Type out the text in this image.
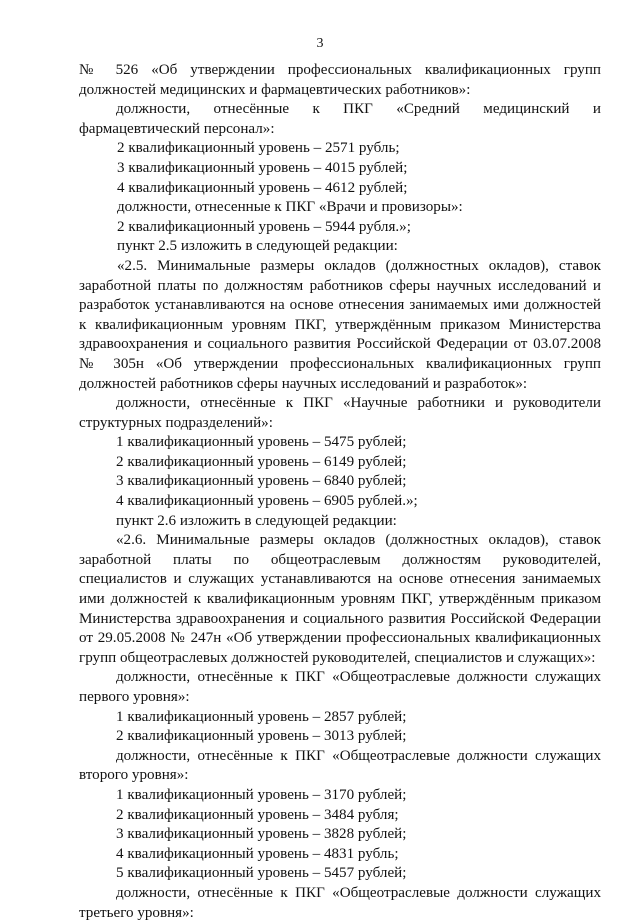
3
№ 526 «Об утверждении профессиональных квалификационных групп
должностей медицинских и фармацевтических работников»:
должности, отнесённые к ПКГ «Средний медицинский и
фармацевтический персонал»:
2 квалификационный уровень – 2571 рубль;
3 квалификационный уровень – 4015 рублей;
4 квалификационный уровень – 4612 рублей;
должности, отнесенные к ПКГ «Врачи и провизоры»:
2 квалификационный уровень – 5944 рубля.»;
пункт 2.5 изложить в следующей редакции:
«2.5. Минимальные размеры окладов (должностных окладов), ставок
заработной платы по должностям работников сферы научных исследований и
разработок устанавливаются на основе отнесения занимаемых ими должностей
к квалификационным уровням ПКГ, утверждённым приказом Министерства
здравоохранения и социального развития Российской Федерации от 03.07.2008
№ 305н «Об утверждении профессиональных квалификационных групп
должностей работников сферы научных исследований и разработок»:
должности, отнесённые к ПКГ «Научные работники и руководители
структурных подразделений»:
1 квалификационный уровень – 5475 рублей;
2 квалификационный уровень – 6149 рублей;
3 квалификационный уровень – 6840 рублей;
4 квалификационный уровень – 6905 рублей.»;
пункт 2.6 изложить в следующей редакции:
«2.6. Минимальные размеры окладов (должностных окладов), ставок
заработной платы по общеотраслевым должностям руководителей,
специалистов и служащих устанавливаются на основе отнесения занимаемых
ими должностей к квалификационным уровням ПКГ, утверждённым приказом
Министерства здравоохранения и социального развития Российской Федерации
от 29.05.2008 № 247н «Об утверждении профессиональных квалификационных
групп общеотраслевых должностей руководителей, специалистов и служащих»:
должности, отнесённые к ПКГ «Общеотраслевые должности служащих
первого уровня»:
1 квалификационный уровень – 2857 рублей;
2 квалификационный уровень – 3013 рублей;
должности, отнесённые к ПКГ «Общеотраслевые должности служащих
второго уровня»:
1 квалификационный уровень – 3170 рублей;
2 квалификационный уровень – 3484 рубля;
3 квалификационный уровень – 3828 рублей;
4 квалификационный уровень – 4831 рубль;
5 квалификационный уровень – 5457 рублей;
должности, отнесённые к ПКГ «Общеотраслевые должности служащих
третьего уровня»:
